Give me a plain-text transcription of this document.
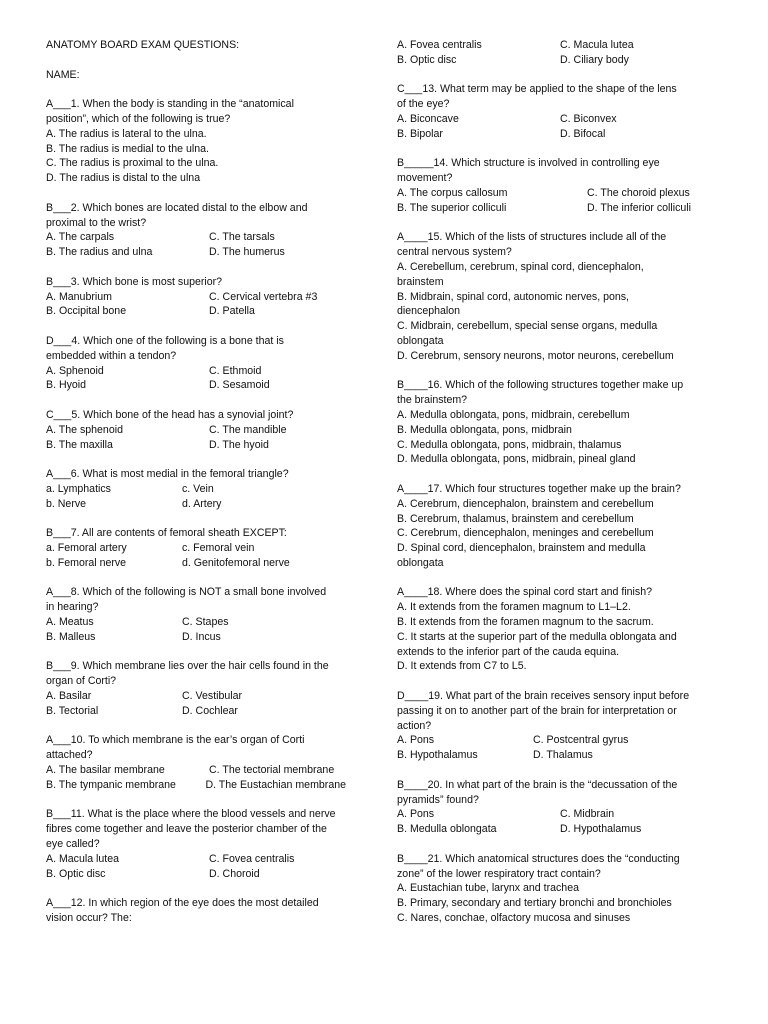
ANATOMY BOARD EXAM QUESTIONS:
NAME:
A___1. When the body is standing in the “anatomical
position”, which of the following is true?
A. The radius is lateral to the ulna.
B. The radius is medial to the ulna.
C. The radius is proximal to the ulna.
D. The radius is distal to the ulna
B___2. Which bones are located distal to the elbow and
proximal to the wrist?
A. The carpals	C. The tarsals
B. The radius and ulna	D. The humerus
B___3. Which bone is most superior?
A. Manubrium	C. Cervical vertebra #3
B. Occipital bone	D. Patella
D___4. Which one of the following is a bone that is
embedded within a tendon?
A. Sphenoid	C. Ethmoid
B. Hyoid	D. Sesamoid
C___5. Which bone of the head has a synovial joint?
A. The sphenoid	C. The mandible
B. The maxilla	D. The hyoid
A___6. What is most medial in the femoral triangle?
a. Lymphatics	c. Vein
b. Nerve	d. Artery
B___7. All are contents of femoral sheath EXCEPT:
a. Femoral artery	c. Femoral vein
b. Femoral nerve	d. Genitofemoral nerve
A___8. Which of the following is NOT a small bone involved
in hearing?
A. Meatus	C. Stapes
B. Malleus	D. Incus
B___9. Which membrane lies over the hair cells found in the
organ of Corti?
A. Basilar	C. Vestibular
B. Tectorial	D. Cochlear
A___10. To which membrane is the ear’s organ of Corti
attached?
A. The basilar membrane	C. The tectorial membrane
B. The tympanic membrane	D. The Eustachian membrane
B___11. What is the place where the blood vessels and nerve
fibres come together and leave the posterior chamber of the
eye called?
A. Macula lutea	C. Fovea centralis
B. Optic disc	D. Choroid
A___12. In which region of the eye does the most detailed
vision occur? The:
A. Fovea centralis	C. Macula lutea
B. Optic disc	D. Ciliary body
C___13. What term may be applied to the shape of the lens
of the eye?
A. Biconcave	C. Biconvex
B. Bipolar	D. Bifocal
B_____14. Which structure is involved in controlling eye
movement?
A. The corpus callosum	C. The choroid plexus
B. The superior colliculi	D. The inferior colliculi
A____15. Which of the lists of structures include all of the
central nervous system?
A. Cerebellum, cerebrum, spinal cord, diencephalon,
brainstem
B. Midbrain, spinal cord, autonomic nerves, pons,
diencephalon
C. Midbrain, cerebellum, special sense organs, medulla
oblongata
D. Cerebrum, sensory neurons, motor neurons, cerebellum
B____16. Which of the following structures together make up
the brainstem?
A. Medulla oblongata, pons, midbrain, cerebellum
B. Medulla oblongata, pons, midbrain
C. Medulla oblongata, pons, midbrain, thalamus
D. Medulla oblongata, pons, midbrain, pineal gland
A____17. Which four structures together make up the brain?
A. Cerebrum, diencephalon, brainstem and cerebellum
B. Cerebrum, thalamus, brainstem and cerebellum
C. Cerebrum, diencephalon, meninges and cerebellum
D. Spinal cord, diencephalon, brainstem and medulla
oblongata
A____18. Where does the spinal cord start and finish?
A. It extends from the foramen magnum to L1–L2.
B. It extends from the foramen magnum to the sacrum.
C. It starts at the superior part of the medulla oblongata and
extends to the inferior part of the cauda equina.
D. It extends from C7 to L5.
D____19. What part of the brain receives sensory input before
passing it on to another part of the brain for interpretation or
action?
A. Pons	C. Postcentral gyrus
B. Hypothalamus	D. Thalamus
B____20. In what part of the brain is the “decussation of the
pyramids” found?
A. Pons	C. Midbrain
B. Medulla oblongata	D. Hypothalamus
B____21. Which anatomical structures does the “conducting
zone” of the lower respiratory tract contain?
A. Eustachian tube, larynx and trachea
B. Primary, secondary and tertiary bronchi and bronchioles
C. Nares, conchae, olfactory mucosa and sinuses
